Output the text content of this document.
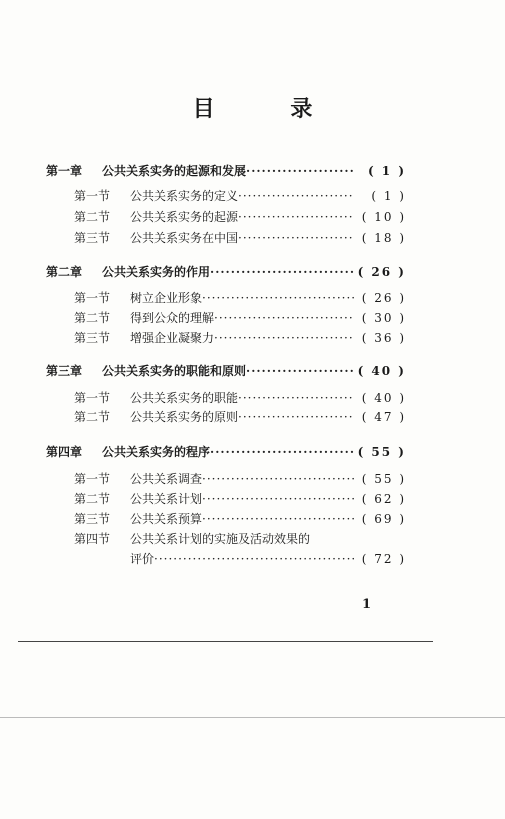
目 录
第一章	公共关系实务的起源和发展 ·····	( 1 )
第一节	公共关系实务的定义 ·····	( 1 )
第二节	公共关系实务的起源 ·····	( 10 )
第三节	公共关系实务在中国 ·····	( 18 )
第二章	公共关系实务的作用 ·····	( 26 )
第一节	树立企业形象 ·····	( 26 )
第二节	得到公众的理解 ·····	( 30 )
第三节	增强企业凝聚力 ·····	( 36 )
第三章	公共关系实务的职能和原则 ·····	( 40 )
第一节	公共关系实务的职能 ·····	( 40 )
第二节	公共关系实务的原则 ·····	( 47 )
第四章	公共关系实务的程序 ·····	( 55 )
第一节	公共关系调查 ·····	( 55 )
第二节	公共关系计划 ·····	( 62 )
第三节	公共关系预算 ·····	( 69 )
第四节	公共关系计划的实施及活动效果的
评价 ·····	( 72 )
1
